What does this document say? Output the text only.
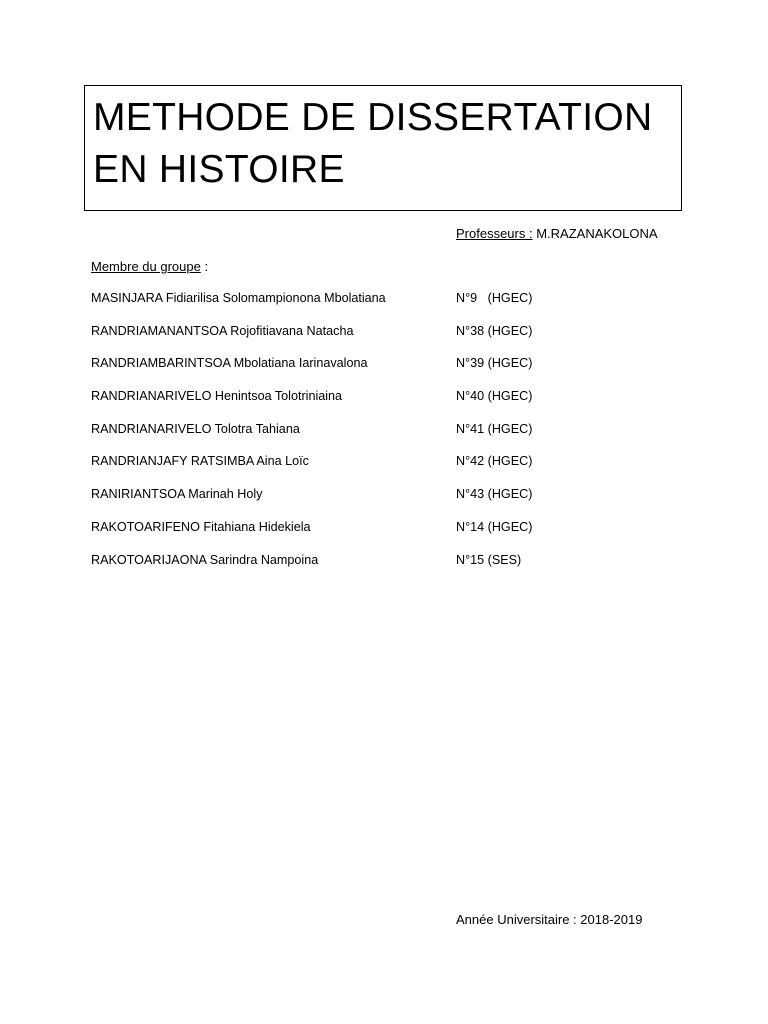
METHODE DE DISSERTATION
EN HISTOIRE
Professeurs : M.RAZANAKOLONA
Membre du groupe :
MASINJARA Fidiarilisa Solomampionona Mbolatiana	N°9   (HGEC)
RANDRIAMANANTSOA Rojofitiavana Natacha	N°38 (HGEC)
RANDRIAMBARINTSOA Mbolatiana Iarinavalona	N°39 (HGEC)
RANDRIANARIVELO Henintsoa Tolotriniaina	N°40 (HGEC)
RANDRIANARIVELO Tolotra Tahiana	N°41 (HGEC)
RANDRIANJAFY RATSIMBA Aina Loïc	N°42 (HGEC)
RANIRIANTSOA Marinah Holy	N°43 (HGEC)
RAKOTOARIFENO Fitahiana Hidekiela	N°14 (HGEC)
RAKOTOARIJAONA Sarindra Nampoina	N°15 (SES)
Année Universitaire : 2018-2019
